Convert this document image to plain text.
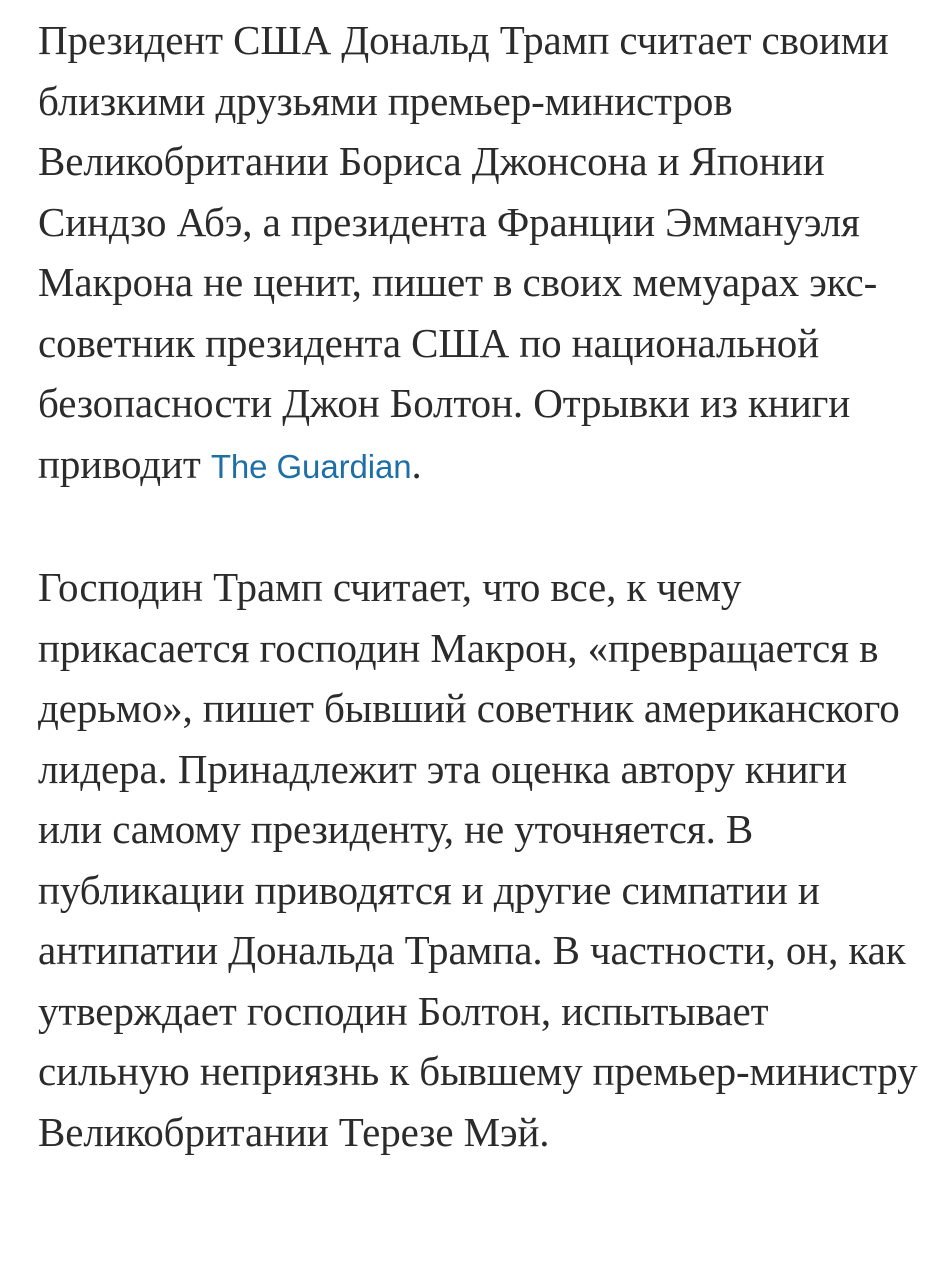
Президент США Дональд Трамп считает своими близкими друзьями премьер-министров Великобритании Бориса Джонсона и Японии Синдзо Абэ, а президента Франции Эммануэля Макрона не ценит, пишет в своих мемуарах экс-советник президента США по национальной безопасности Джон Болтон. Отрывки из книги приводит The Guardian.

Господин Трамп считает, что все, к чему прикасается господин Макрон, «превращается в дерьмо», пишет бывший советник американского лидера. Принадлежит эта оценка автору книги или самому президенту, не уточняется. В публикации приводятся и другие симпатии и антипатии Дональда Трампа. В частности, он, как утверждает господин Болтон, испытывает сильную неприязнь к бывшему премьер-министру Великобритании Терезе Мэй.
